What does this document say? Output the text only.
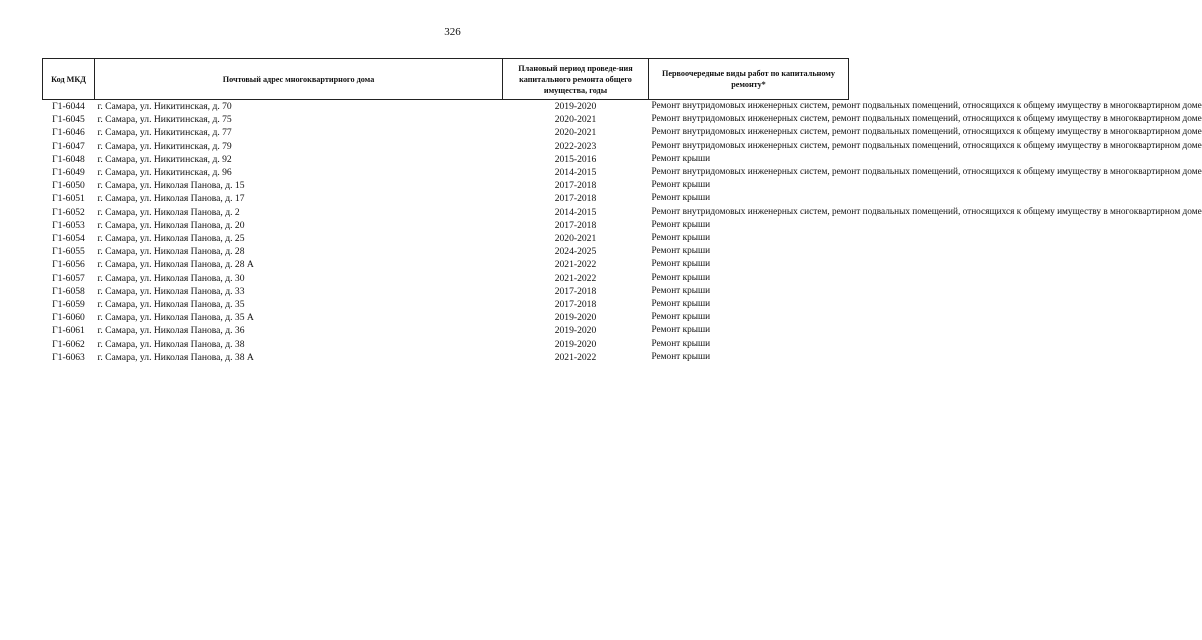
326
Код МКД	Почтовый адрес многоквартирного дома	Плановый период проведе-ния капитального ремонта общего имущества, годы	Первоочередные виды работ по капитальному ремонту*
Г1-6044	г. Самара, ул. Никитинская, д. 70	2019-2020	Ремонт внутридомовых инженерных систем, ремонт подвальных помещений, относящихся к общему имуществу в многоквартирном доме
Г1-6045	г. Самара, ул. Никитинская, д. 75	2020-2021	Ремонт внутридомовых инженерных систем, ремонт подвальных помещений, относящихся к общему имуществу в многоквартирном доме
Г1-6046	г. Самара, ул. Никитинская, д. 77	2020-2021	Ремонт внутридомовых инженерных систем, ремонт подвальных помещений, относящихся к общему имуществу в многоквартирном доме
Г1-6047	г. Самара, ул. Никитинская, д. 79	2022-2023	Ремонт внутридомовых инженерных систем, ремонт подвальных помещений, относящихся к общему имуществу в многоквартирном доме
Г1-6048	г. Самара, ул. Никитинская, д. 92	2015-2016	Ремонт крыши
Г1-6049	г. Самара, ул. Никитинская, д. 96	2014-2015	Ремонт внутридомовых инженерных систем, ремонт подвальных помещений, относящихся к общему имуществу в многоквартирном доме
Г1-6050	г. Самара, ул. Николая Панова, д. 15	2017-2018	Ремонт крыши
Г1-6051	г. Самара, ул. Николая Панова, д. 17	2017-2018	Ремонт крыши
Г1-6052	г. Самара, ул. Николая Панова, д. 2	2014-2015	Ремонт внутридомовых инженерных систем, ремонт подвальных помещений, относящихся к общему имуществу в многоквартирном доме
Г1-6053	г. Самара, ул. Николая Панова, д. 20	2017-2018	Ремонт крыши
Г1-6054	г. Самара, ул. Николая Панова, д. 25	2020-2021	Ремонт крыши
Г1-6055	г. Самара, ул. Николая Панова, д. 28	2024-2025	Ремонт крыши
Г1-6056	г. Самара, ул. Николая Панова, д. 28 А	2021-2022	Ремонт крыши
Г1-6057	г. Самара, ул. Николая Панова, д. 30	2021-2022	Ремонт крыши
Г1-6058	г. Самара, ул. Николая Панова, д. 33	2017-2018	Ремонт крыши
Г1-6059	г. Самара, ул. Николая Панова, д. 35	2017-2018	Ремонт крыши
Г1-6060	г. Самара, ул. Николая Панова, д. 35 А	2019-2020	Ремонт крыши
Г1-6061	г. Самара, ул. Николая Панова, д. 36	2019-2020	Ремонт крыши
Г1-6062	г. Самара, ул. Николая Панова, д. 38	2019-2020	Ремонт крыши
Г1-6063	г. Самара, ул. Николая Панова, д. 38 А	2021-2022	Ремонт крыши
